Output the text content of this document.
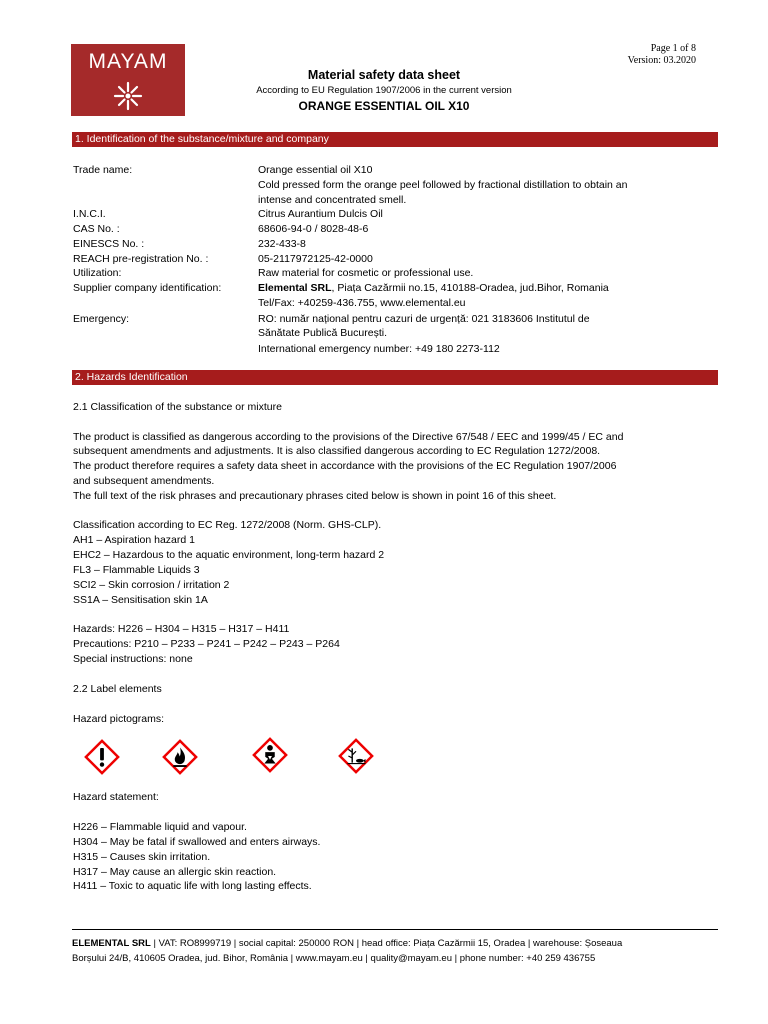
MAYAM
Page 1 of 8
Version: 03.2020
Material safety data sheet
According to EU Regulation 1907/2006 in the current version
ORANGE ESSENTIAL OIL X10
1. Identification of the substance/mixture and company
Trade name:	Orange essential oil X10
Cold pressed form the orange peel followed by fractional distillation to obtain an
intense and concentrated smell.
I.N.C.I.	Citrus Aurantium Dulcis Oil
CAS No. :	68606-94-0 / 8028-48-6
EINESCS No. :	232-433-8
REACH pre-registration No. :	05-2117972125-42-0000
Utilization:	Raw material for cosmetic or professional use.
Supplier company identification:	Elemental SRL, Piața Cazărmii no.15, 410188-Oradea, jud.Bihor, Romania
Tel/Fax: +40259-436.755, www.elemental.eu
Emergency:	RO: număr național pentru cazuri de urgență: 021 3183606 Institutul de
Sănătate Publică București.
International emergency number: +49 180 2273-112
2. Hazards Identification
2.1 Classification of the substance or mixture
The product is classified as dangerous according to the provisions of the Directive 67/548 / EEC and 1999/45 / EC and
subsequent amendments and adjustments. It is also classified dangerous according to EC Regulation 1272/2008.
The product therefore requires a safety data sheet in accordance with the provisions of the EC Regulation 1907/2006
and subsequent amendments.
The full text of the risk phrases and precautionary phrases cited below is shown in point 16 of this sheet.
Classification according to EC Reg. 1272/2008 (Norm. GHS-CLP).
AH1 – Aspiration hazard 1
EHC2 – Hazardous to the aquatic environment, long-term hazard 2
FL3 – Flammable Liquids 3
SCI2 – Skin corrosion / irritation 2
SS1A – Sensitisation skin 1A
Hazards: H226 – H304 – H315 – H317 – H411
Precautions: P210 – P233 – P241 – P242 – P243 – P264
Special instructions: none
2.2 Label elements
Hazard pictograms:
Hazard statement:
H226 – Flammable liquid and vapour.
H304 – May be fatal if swallowed and enters airways.
H315 – Causes skin irritation.
H317 – May cause an allergic skin reaction.
H411 – Toxic to aquatic life with long lasting effects.
ELEMENTAL SRL | VAT: RO8999719 | social capital: 250000 RON | head office: Piața Cazărmii 15, Oradea | warehouse: Șoseaua
Borșului 24/B, 410605 Oradea, jud. Bihor, România | www.mayam.eu | quality@mayam.eu | phone number: +40 259 436755
